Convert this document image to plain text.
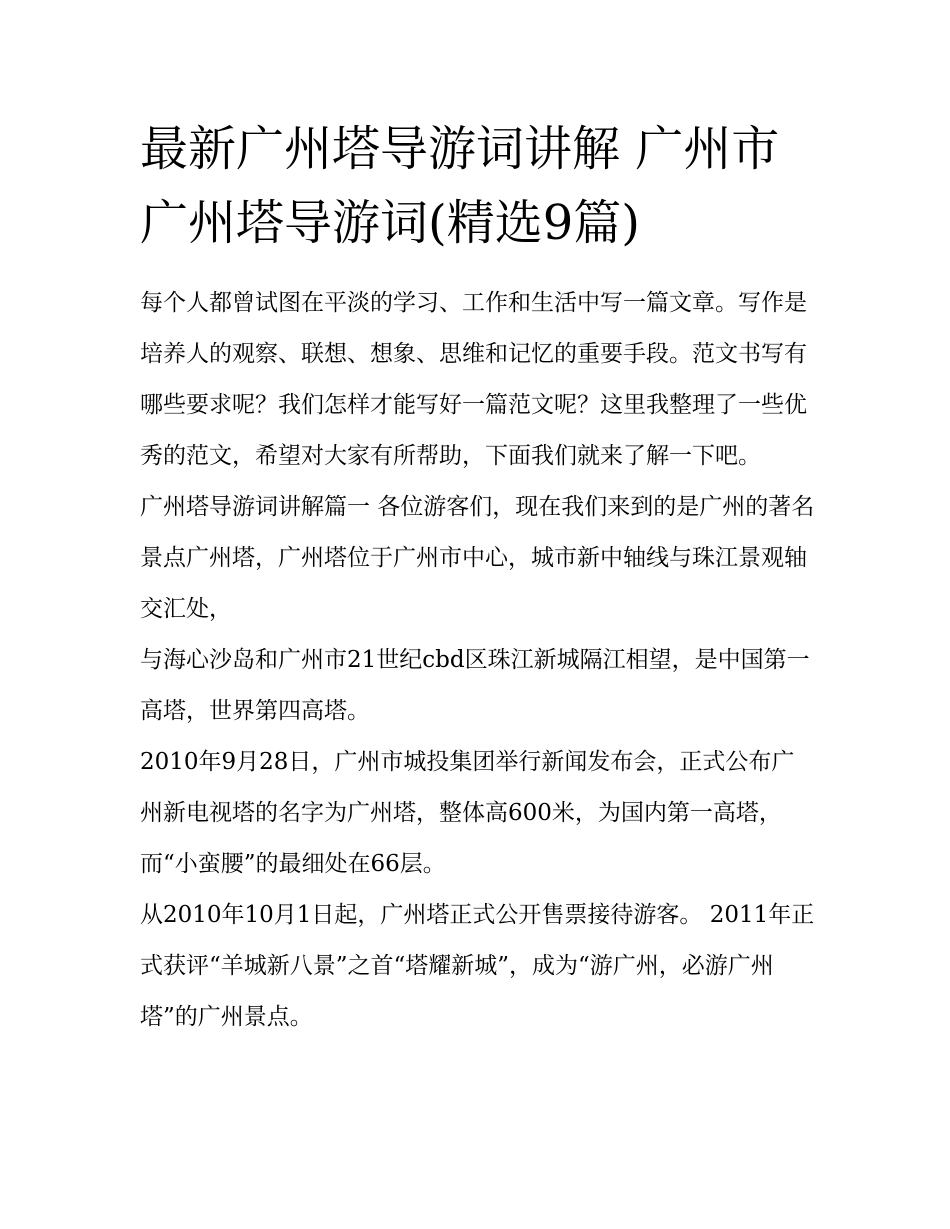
最新广州塔导游词讲解 广州市广州塔导游词(精选9篇)

每个人都曾试图在平淡的学习、工作和生活中写一篇文章。写作是培养人的观察、联想、想象、思维和记忆的重要手段。范文书写有哪些要求呢？我们怎样才能写好一篇范文呢？这里我整理了一些优秀的范文，希望对大家有所帮助，下面我们就来了解一下吧。

广州塔导游词讲解篇一 各位游客们，现在我们来到的是广州的著名景点广州塔，广州塔位于广州市中心，城市新中轴线与珠江景观轴交汇处，

与海心沙岛和广州市21世纪cbd区珠江新城隔江相望，是中国第一高塔，世界第四高塔。

2010年9月28日，广州市城投集团举行新闻发布会，正式公布广州新电视塔的名字为广州塔，整体高600米，为国内第一高塔，而“小蛮腰”的最细处在66层。

从2010年10月1日起，广州塔正式公开售票接待游客。 2011年正式获评“羊城新八景”之首“塔耀新城”，成为“游广州，必游广州塔”的广州景点。
